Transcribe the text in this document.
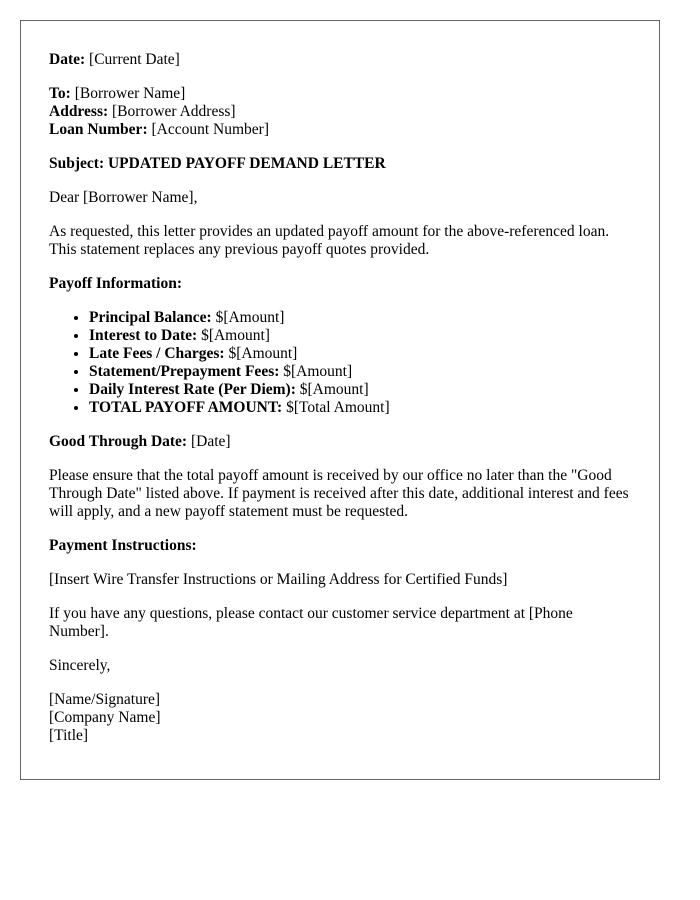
Date: [Current Date]

To: [Borrower Name]
Address: [Borrower Address]
Loan Number: [Account Number]

Subject: UPDATED PAYOFF DEMAND LETTER

Dear [Borrower Name],

As requested, this letter provides an updated payoff amount for the above-referenced loan. This statement replaces any previous payoff quotes provided.

Payoff Information:

• Principal Balance: $[Amount]
• Interest to Date: $[Amount]
• Late Fees / Charges: $[Amount]
• Statement/Prepayment Fees: $[Amount]
• Daily Interest Rate (Per Diem): $[Amount]
• TOTAL PAYOFF AMOUNT: $[Total Amount]

Good Through Date: [Date]

Please ensure that the total payoff amount is received by our office no later than the "Good Through Date" listed above. If payment is received after this date, additional interest and fees will apply, and a new payoff statement must be requested.

Payment Instructions:

[Insert Wire Transfer Instructions or Mailing Address for Certified Funds]

If you have any questions, please contact our customer service department at [Phone Number].

Sincerely,

[Name/Signature]
[Company Name]
[Title]
